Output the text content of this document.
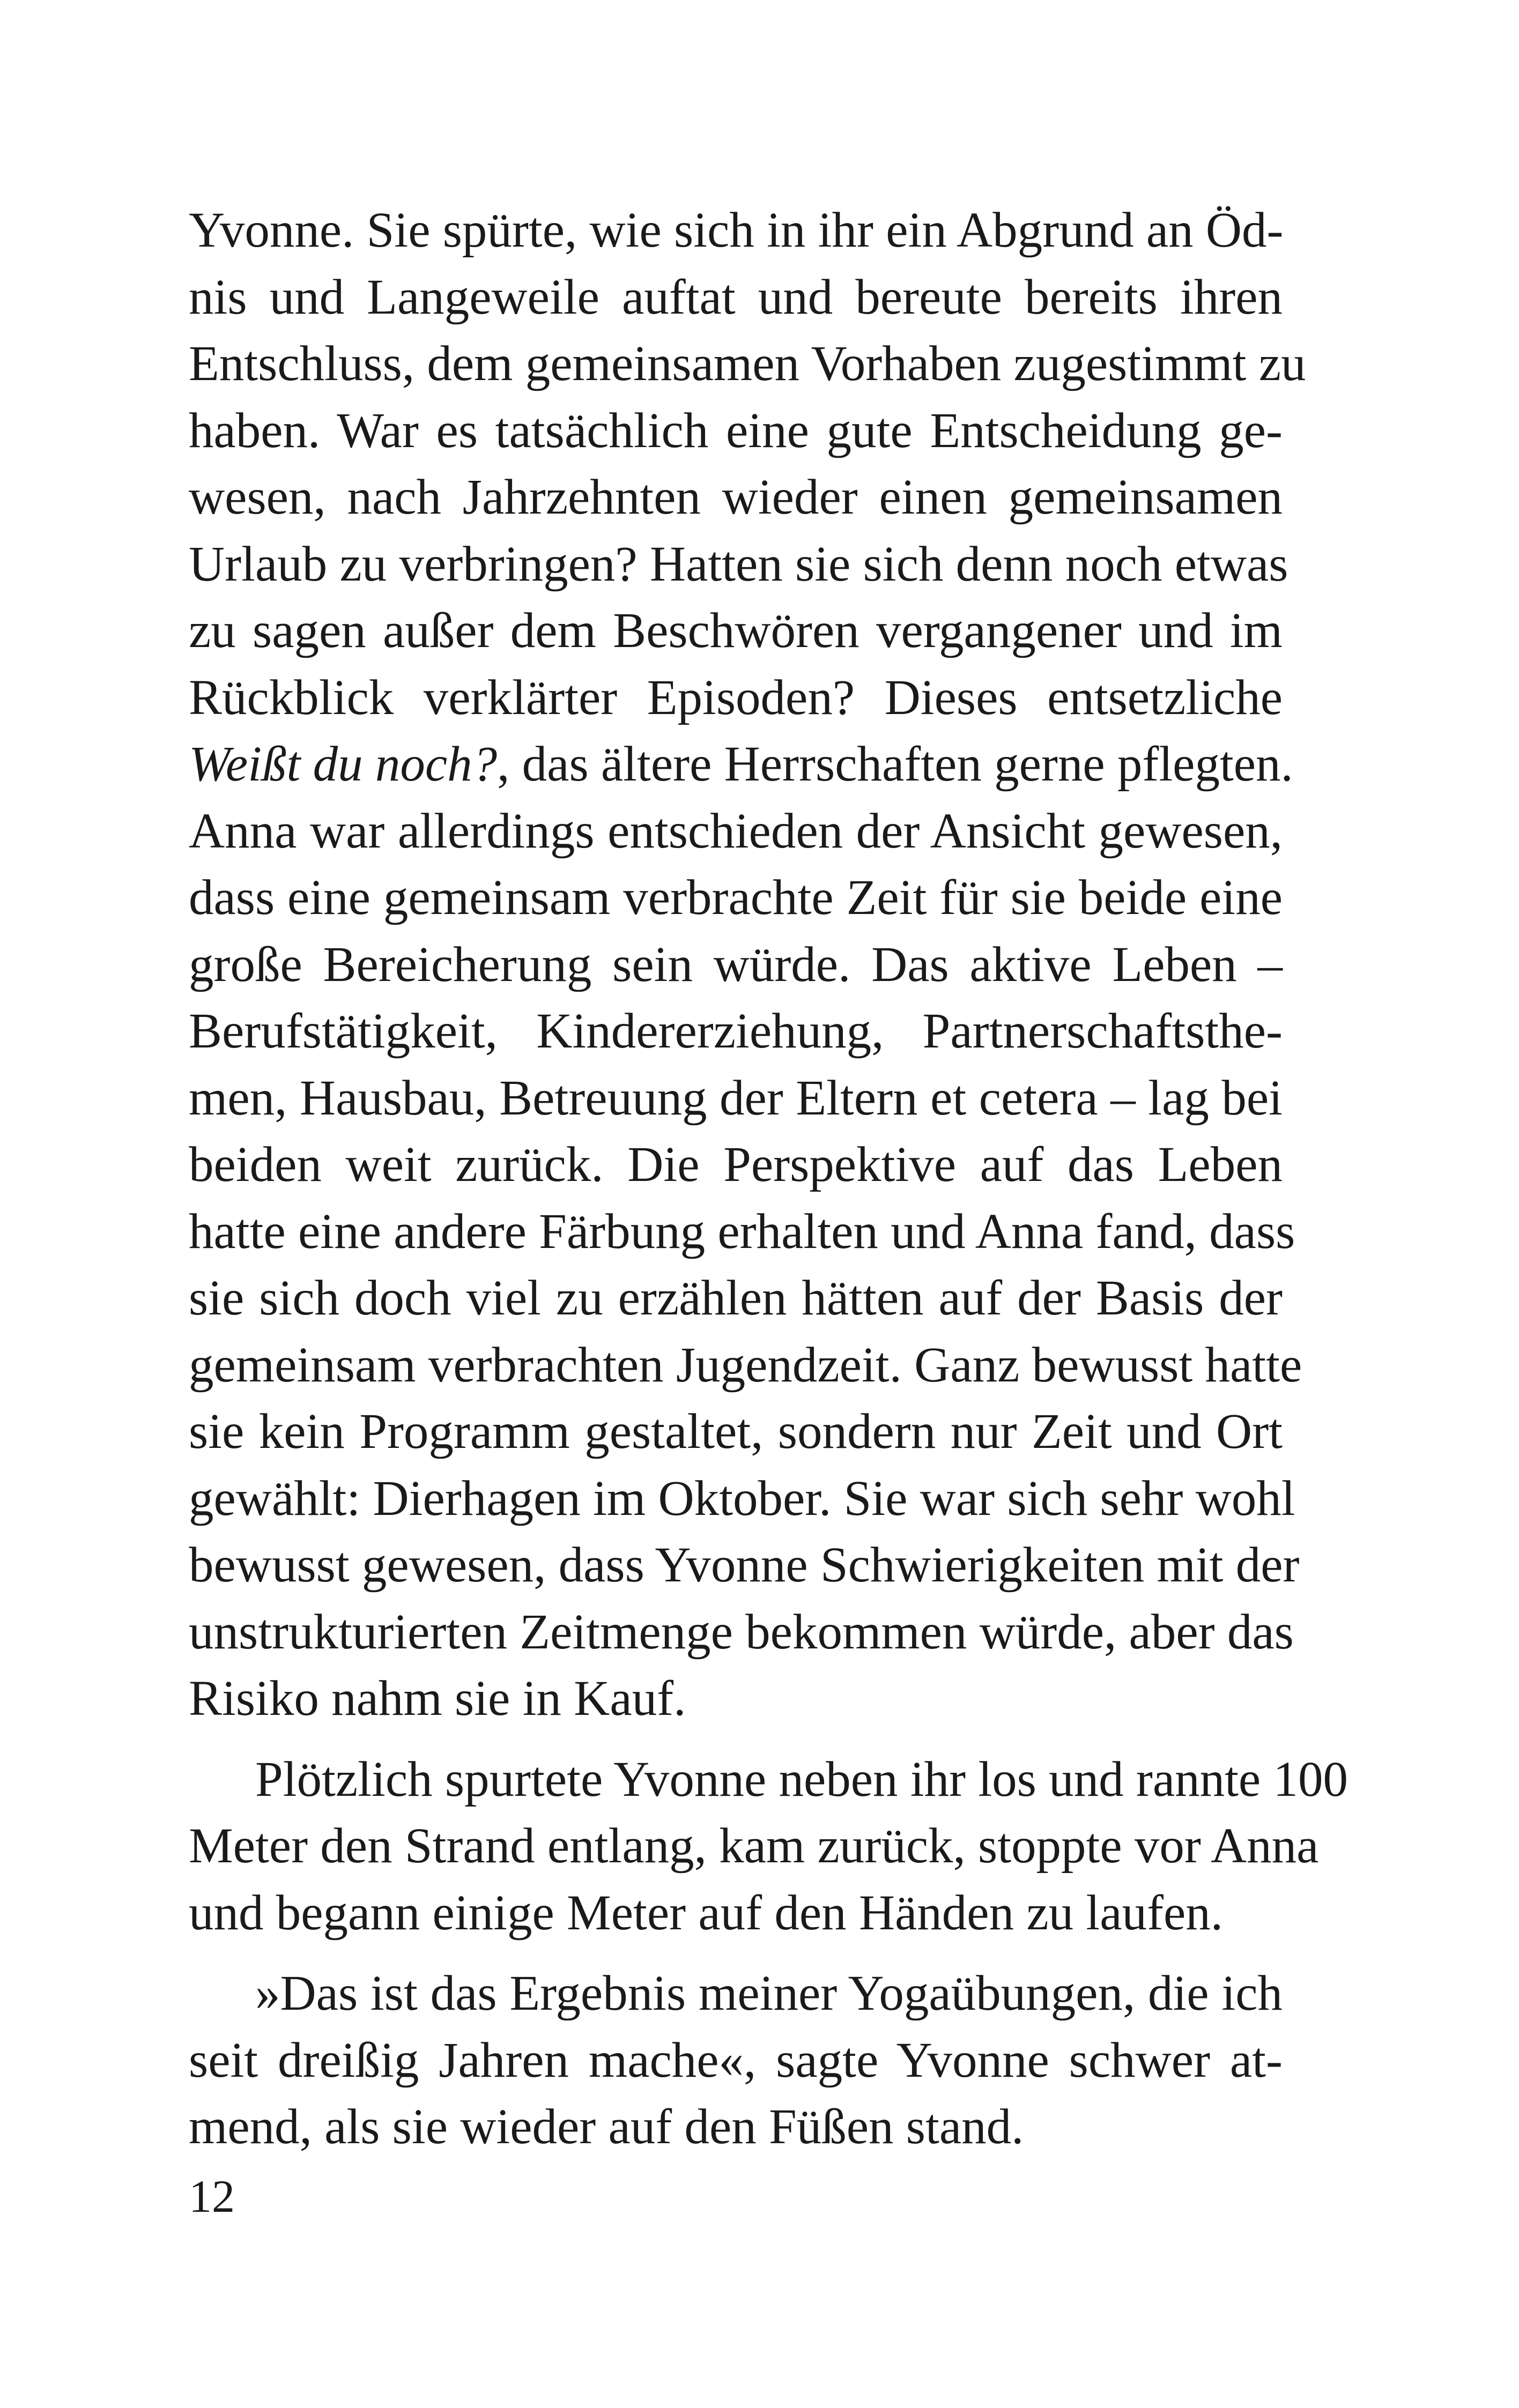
Yvonne. Sie spürte, wie sich in ihr ein Abgrund an Öd-
nis und Langeweile auftat und bereute bereits ihren
Entschluss, dem gemeinsamen Vorhaben zugestimmt zu
haben. War es tatsächlich eine gute Entscheidung ge-
wesen, nach Jahrzehnten wieder einen gemeinsamen
Urlaub zu verbringen? Hatten sie sich denn noch etwas
zu sagen außer dem Beschwören vergangener und im
Rückblick verklärter Episoden? Dieses entsetzliche
Weißt du noch?, das ältere Herrschaften gerne pflegten.
Anna war allerdings entschieden der Ansicht gewesen,
dass eine gemeinsam verbrachte Zeit für sie beide eine
große Bereicherung sein würde. Das aktive Leben –
Berufstätigkeit, Kindererziehung, Partnerschaftsthe-
men, Hausbau, Betreuung der Eltern et cetera – lag bei
beiden weit zurück. Die Perspektive auf das Leben
hatte eine andere Färbung erhalten und Anna fand, dass
sie sich doch viel zu erzählen hätten auf der Basis der
gemeinsam verbrachten Jugendzeit. Ganz bewusst hatte
sie kein Programm gestaltet, sondern nur Zeit und Ort
gewählt: Dierhagen im Oktober. Sie war sich sehr wohl
bewusst gewesen, dass Yvonne Schwierigkeiten mit der
unstrukturierten Zeitmenge bekommen würde, aber das
Risiko nahm sie in Kauf.

Plötzlich spurtete Yvonne neben ihr los und rannte 100
Meter den Strand entlang, kam zurück, stoppte vor Anna
und begann einige Meter auf den Händen zu laufen.

»Das ist das Ergebnis meiner Yogaübungen, die ich
seit dreißig Jahren mache«, sagte Yvonne schwer at-
mend, als sie wieder auf den Füßen stand.

12
